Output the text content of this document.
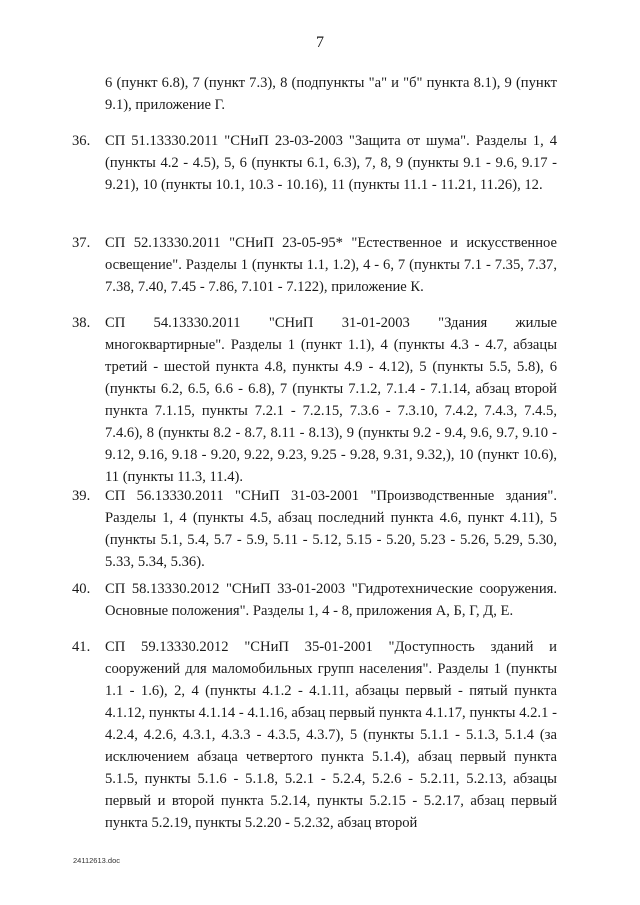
7
6 (пункт 6.8), 7 (пункт 7.3), 8 (подпункты "а" и "б" пункта 8.1), 9 (пункт 9.1), приложение Г.
36.	СП 51.13330.2011 "СНиП 23-03-2003 "Защита от шума". Разделы 1, 4 (пункты 4.2 - 4.5), 5, 6 (пункты 6.1, 6.3), 7, 8, 9 (пункты 9.1 - 9.6, 9.17 - 9.21), 10 (пункты 10.1, 10.3 - 10.16), 11 (пункты 11.1 - 11.21, 11.26), 12.
37.	СП 52.13330.2011 "СНиП 23-05-95* "Естественное и искусственное освещение". Разделы 1 (пункты 1.1, 1.2), 4 - 6, 7 (пункты 7.1 - 7.35, 7.37, 7.38, 7.40, 7.45 - 7.86, 7.101 - 7.122), приложение К.
38.	СП 54.13330.2011 "СНиП 31-01-2003 "Здания жилые многоквартирные". Разделы 1 (пункт 1.1), 4 (пункты 4.3 - 4.7, абзацы третий - шестой пункта 4.8, пункты 4.9 - 4.12), 5 (пункты 5.5, 5.8), 6 (пункты 6.2, 6.5, 6.6 - 6.8), 7 (пункты 7.1.2, 7.1.4 - 7.1.14, абзац второй пункта 7.1.15, пункты 7.2.1 - 7.2.15, 7.3.6 - 7.3.10, 7.4.2, 7.4.3, 7.4.5, 7.4.6), 8 (пункты 8.2 - 8.7, 8.11 - 8.13), 9 (пункты 9.2 - 9.4, 9.6, 9.7, 9.10 - 9.12, 9.16, 9.18 - 9.20, 9.22, 9.23, 9.25 - 9.28, 9.31, 9.32,), 10 (пункт 10.6), 11 (пункты 11.3, 11.4).
39.	СП 56.13330.2011 "СНиП 31-03-2001 "Производственные здания". Разделы 1, 4 (пункты 4.5, абзац последний пункта 4.6, пункт 4.11), 5 (пункты 5.1, 5.4, 5.7 - 5.9, 5.11 - 5.12, 5.15 - 5.20, 5.23 - 5.26, 5.29, 5.30, 5.33, 5.34, 5.36).
40.	СП 58.13330.2012 "СНиП 33-01-2003 "Гидротехнические сооружения. Основные положения". Разделы 1, 4 - 8, приложения А, Б, Г, Д, Е.
41.	СП 59.13330.2012 "СНиП 35-01-2001 "Доступность зданий и сооружений для маломобильных групп населения". Разделы 1 (пункты 1.1 - 1.6), 2, 4 (пункты 4.1.2 - 4.1.11, абзацы первый - пятый пункта 4.1.12, пункты 4.1.14 - 4.1.16, абзац первый пункта 4.1.17, пункты 4.2.1 - 4.2.4, 4.2.6, 4.3.1, 4.3.3 - 4.3.5, 4.3.7), 5 (пункты 5.1.1 - 5.1.3, 5.1.4 (за исключением абзаца четвертого пункта 5.1.4), абзац первый пункта 5.1.5, пункты 5.1.6 - 5.1.8, 5.2.1 - 5.2.4, 5.2.6 - 5.2.11, 5.2.13, абзацы первый и второй пункта 5.2.14, пункты 5.2.15 - 5.2.17, абзац первый пункта 5.2.19, пункты 5.2.20 - 5.2.32, абзац второй
24112613.doc
